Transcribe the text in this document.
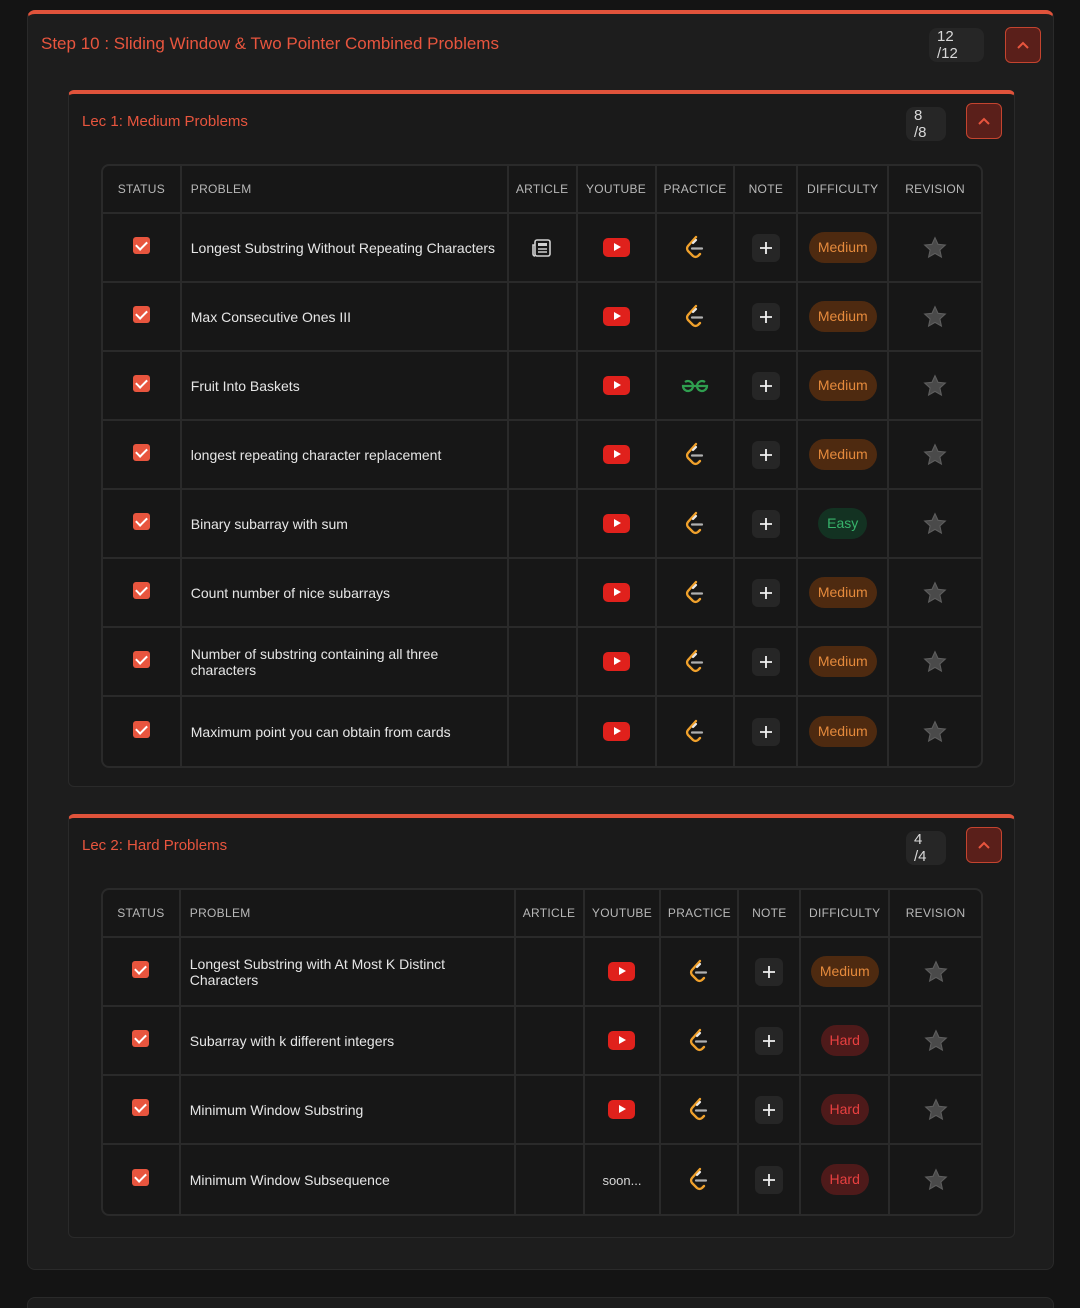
Step 10 : Sliding Window & Two Pointer Combined Problems	12 /12
Lec 1: Medium Problems	8 /8
STATUS	PROBLEM	ARTICLE	YOUTUBE	PRACTICE	NOTE	DIFFICULTY	REVISION
	Longest Substring Without Repeating Characters					Medium	
	Max Consecutive Ones III					Medium	
	Fruit Into Baskets					Medium	
	longest repeating character replacement					Medium	
	Binary subarray with sum					Easy	
	Count number of nice subarrays					Medium	
	Number of substring containing all three characters					Medium	
	Maximum point you can obtain from cards					Medium	
Lec 2: Hard Problems	4 /4
STATUS	PROBLEM	ARTICLE	YOUTUBE	PRACTICE	NOTE	DIFFICULTY	REVISION
	Longest Substring with At Most K Distinct Characters					Medium	
	Subarray with k different integers					Hard	
	Minimum Window Substring					Hard	
	Minimum Window Subsequence		soon...			Hard	
